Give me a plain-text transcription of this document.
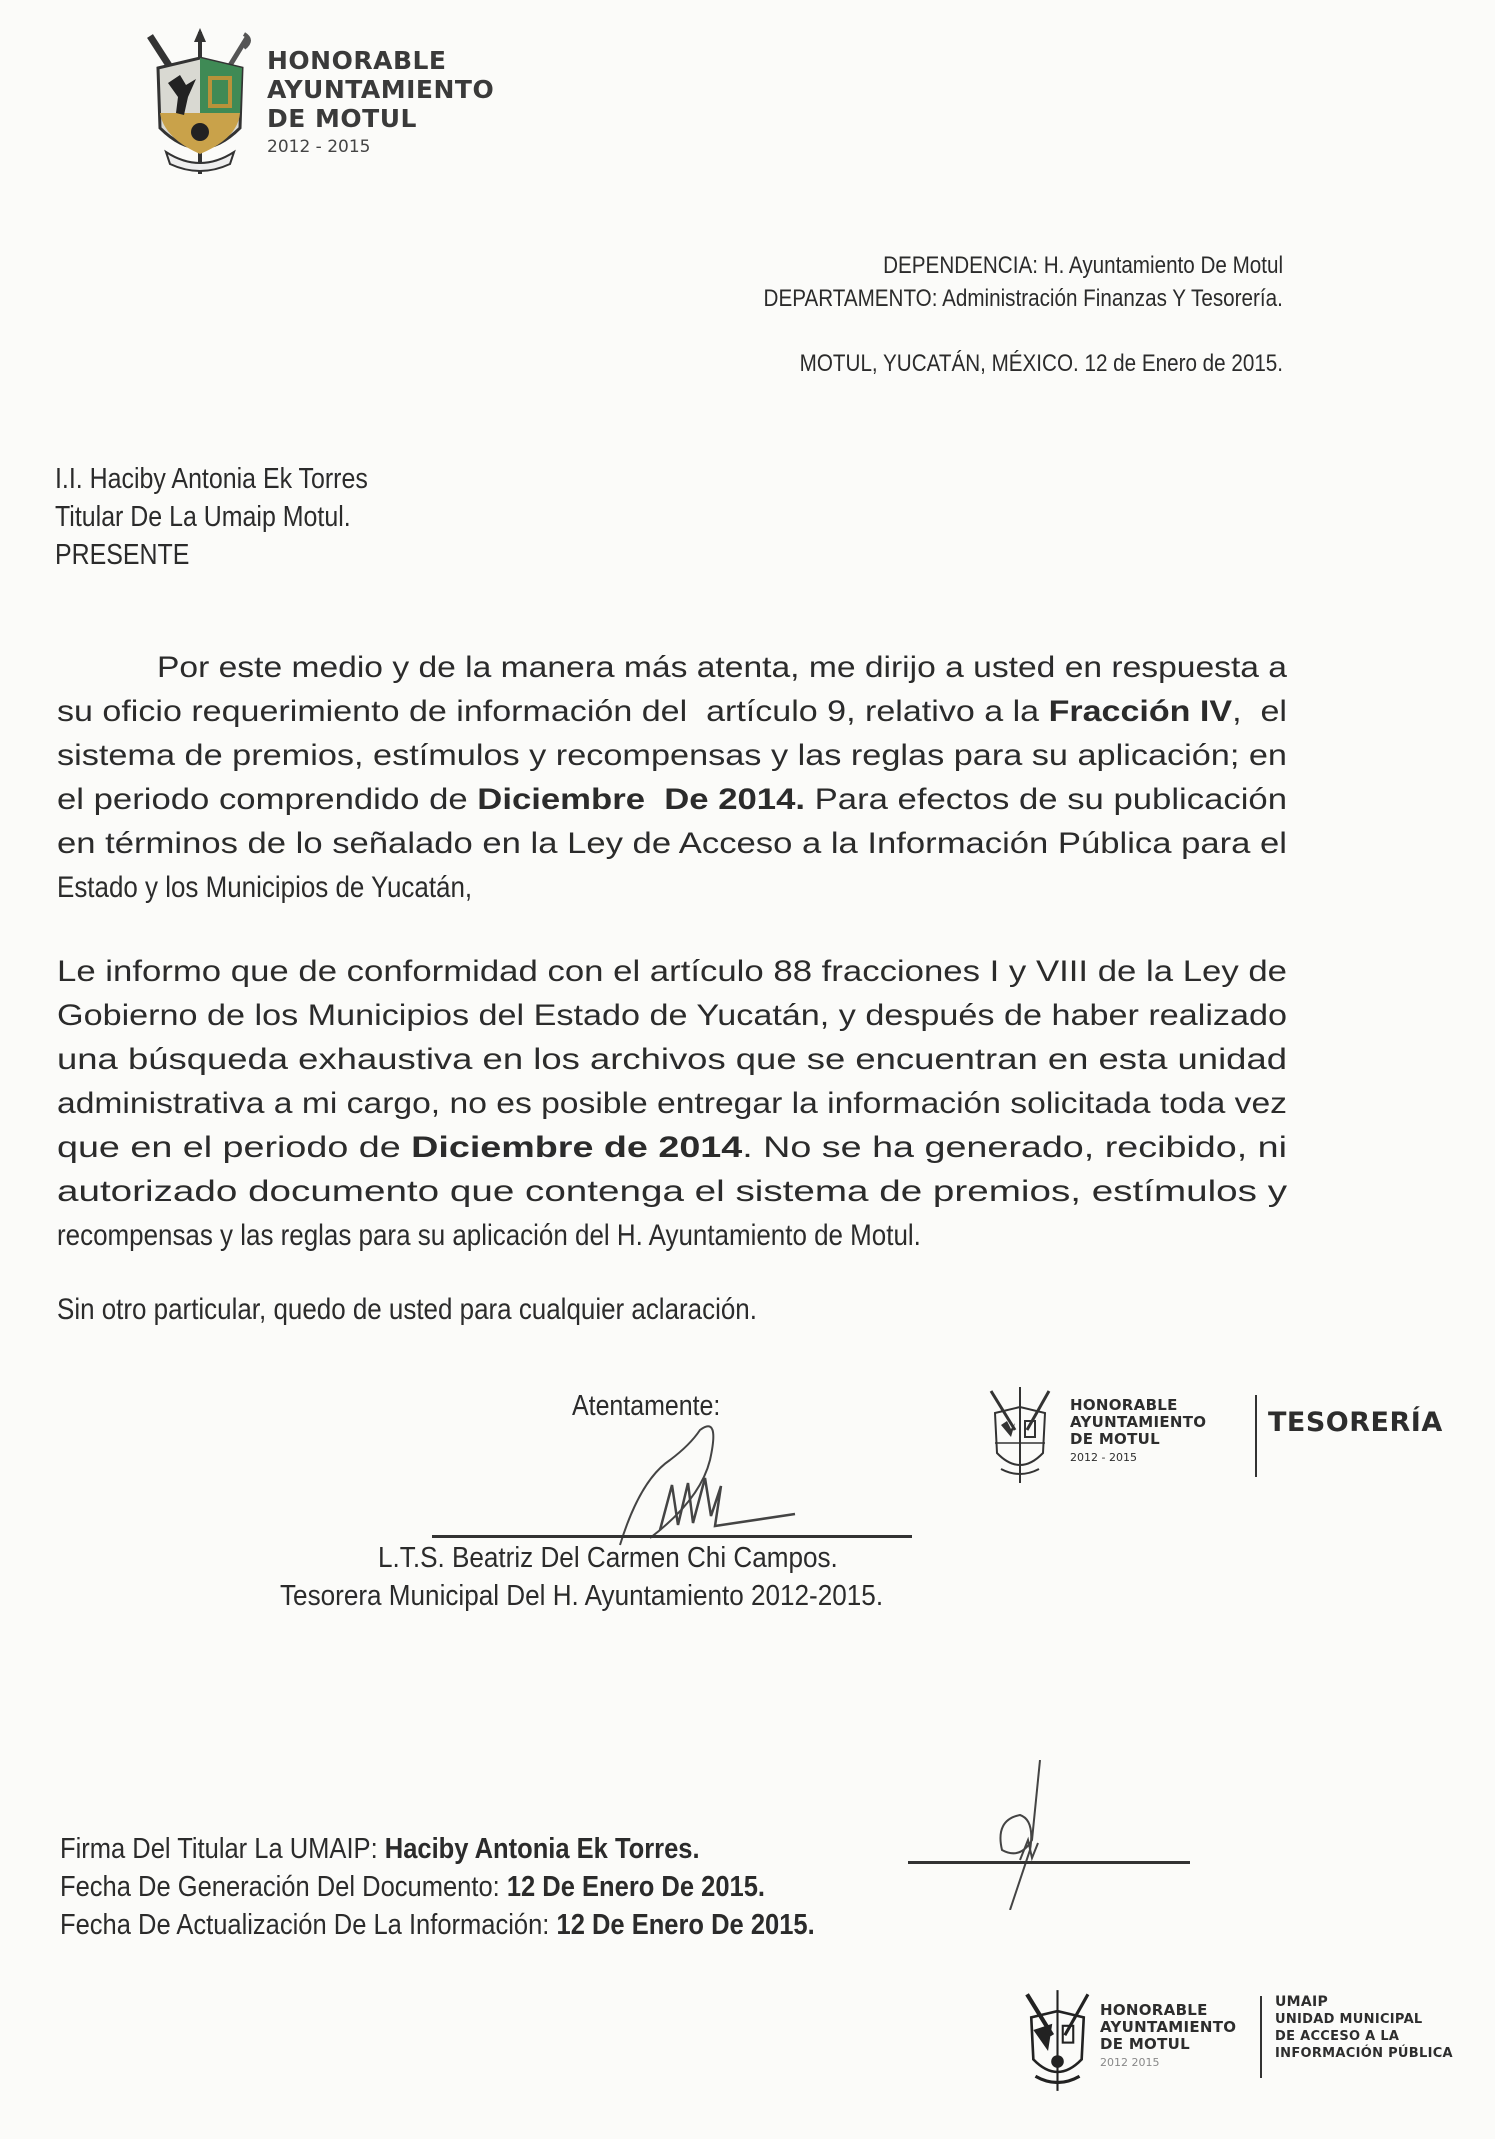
HONORABLE
AYUNTAMIENTO
DE MOTUL
2012 - 2015
DEPENDENCIA: H. Ayuntamiento De Motul
DEPARTAMENTO: Administración Finanzas Y Tesorería.
MOTUL, YUCATÁN, MÉXICO. 12 de Enero de 2015.
I.I. Haciby Antonia Ek Torres
Titular De La Umaip Motul.
PRESENTE
Por este medio y de la manera más atenta, me dirijo a usted en respuesta a
su oficio requerimiento de información del  artículo 9, relativo a la Fracción IV,  el
sistema de premios, estímulos y recompensas y las reglas para su aplicación; en
el periodo comprendido de Diciembre  De 2014. Para efectos de su publicación
en términos de lo señalado en la Ley de Acceso a la Información Pública para el
Estado y los Municipios de Yucatán,
Le informo que de conformidad con el artículo 88 fracciones I y VIII de la Ley de
Gobierno de los Municipios del Estado de Yucatán, y después de haber realizado
una búsqueda exhaustiva en los archivos que se encuentran en esta unidad
administrativa a mi cargo, no es posible entregar la información solicitada toda vez
que en el periodo de Diciembre de 2014. No se ha generado, recibido, ni
autorizado documento que contenga el sistema de premios, estímulos y
recompensas y las reglas para su aplicación del H. Ayuntamiento de Motul.
Sin otro particular, quedo de usted para cualquier aclaración.
Atentamente:
L.T.S. Beatriz Del Carmen Chi Campos.
Tesorera Municipal Del H. Ayuntamiento 2012-2015.
HONORABLE
AYUNTAMIENTO
DE MOTUL
2012 - 2015
TESORERÍA
Firma Del Titular La UMAIP: Haciby Antonia Ek Torres.
Fecha De Generación Del Documento: 12 De Enero De 2015.
Fecha De Actualización De La Información: 12 De Enero De 2015.
HONORABLE
AYUNTAMIENTO
DE MOTUL
2012 2015
UMAIP
UNIDAD MUNICIPAL
DE ACCESO A LA
INFORMACIÓN PÚBLICA
